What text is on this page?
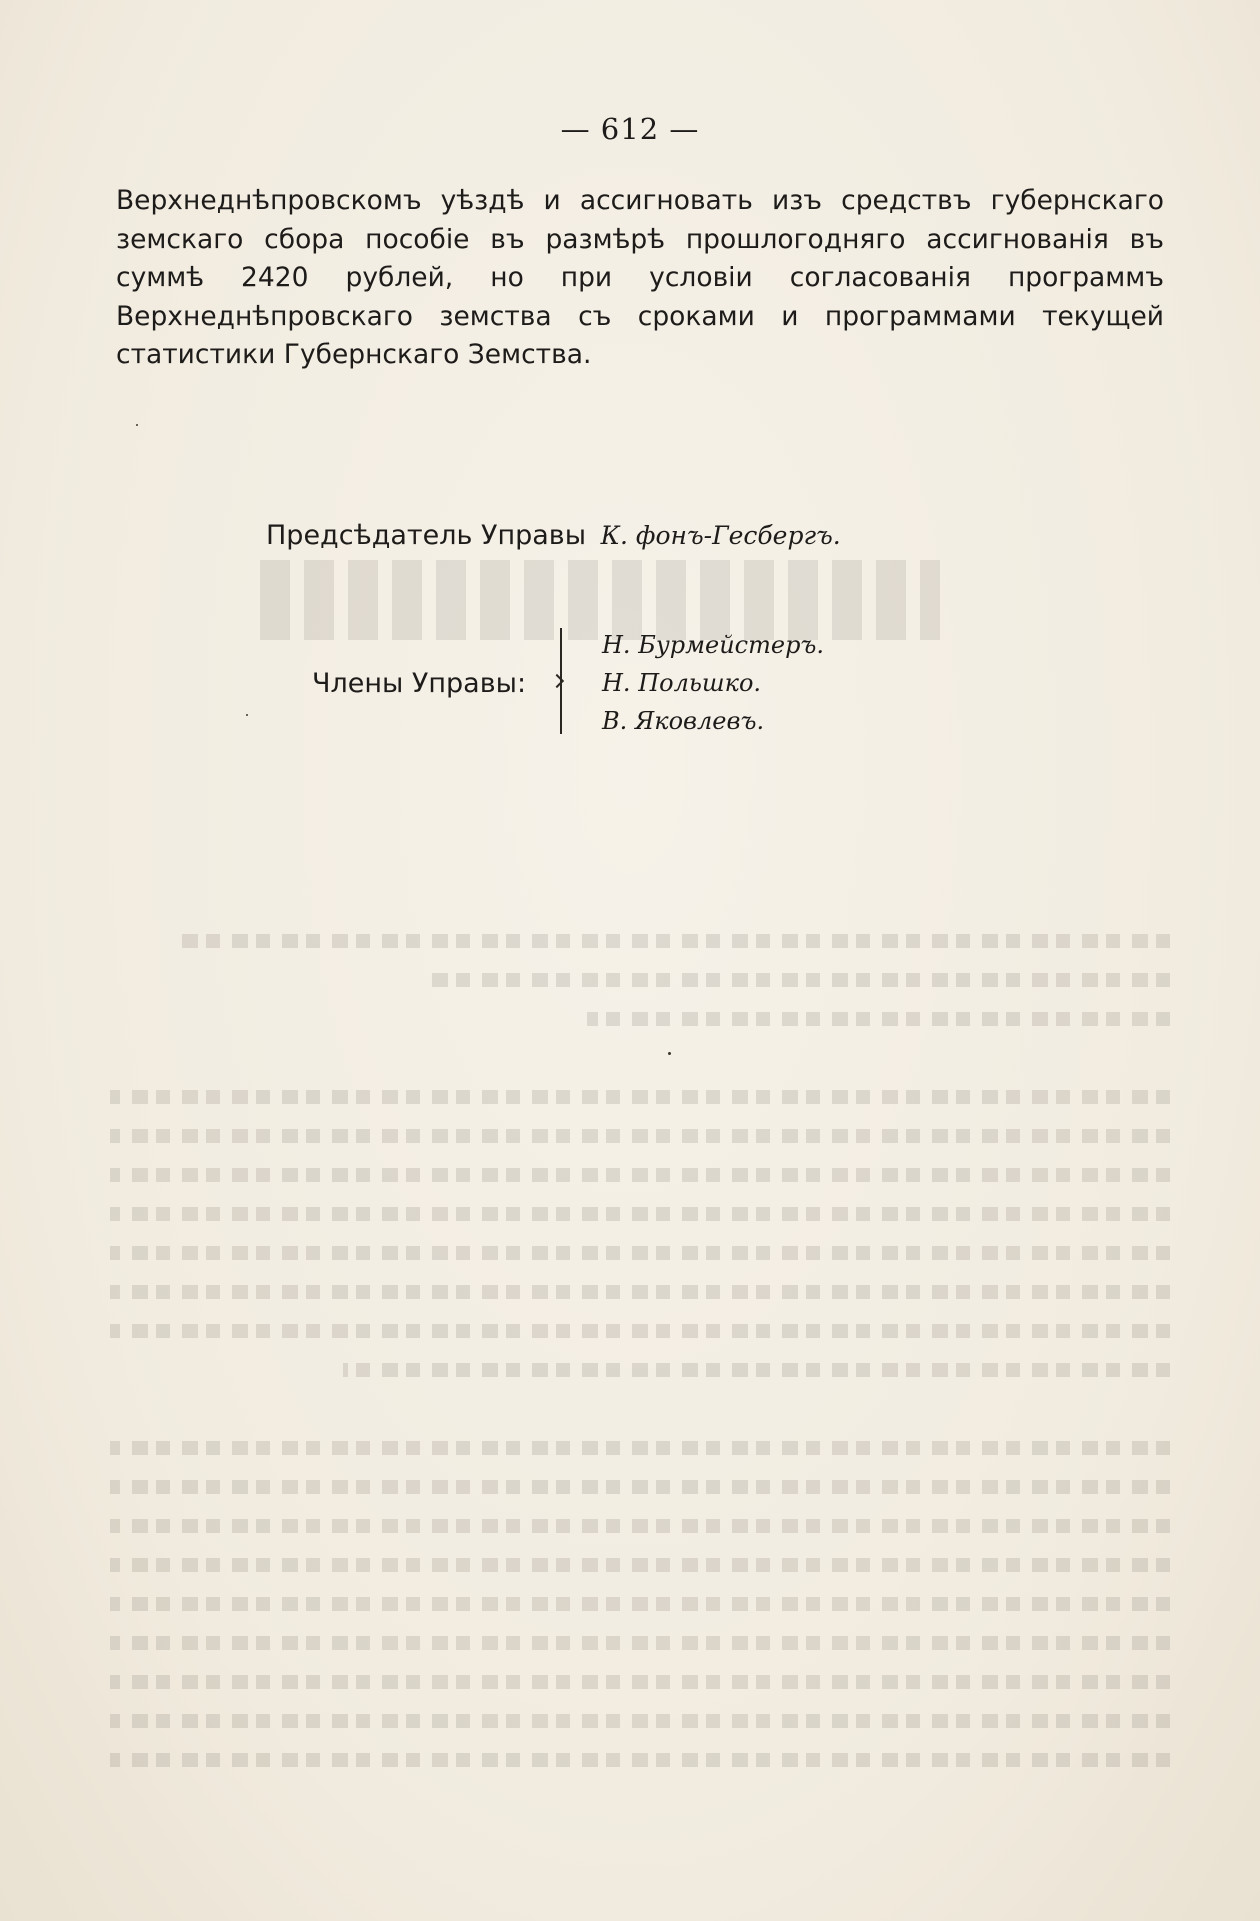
— 612 —

Верхнеднѣпровскомъ уѣздѣ и ассигновать изъ средствъ губернскаго земскаго сбора пособіе въ размѣрѣ прошлогодняго ассигнованія въ суммѣ 2420 рублей, но при условіи согласованія программъ Верхнеднѣпровскаго земства съ сроками и программами текущей статистики Губернскаго Земства.

Предсѣдатель Управы К. фонъ-Гесбергъ.
Члены Управы:
Н. Бурмейстеръ.
Н. Польшко.
В. Яковлевъ.
